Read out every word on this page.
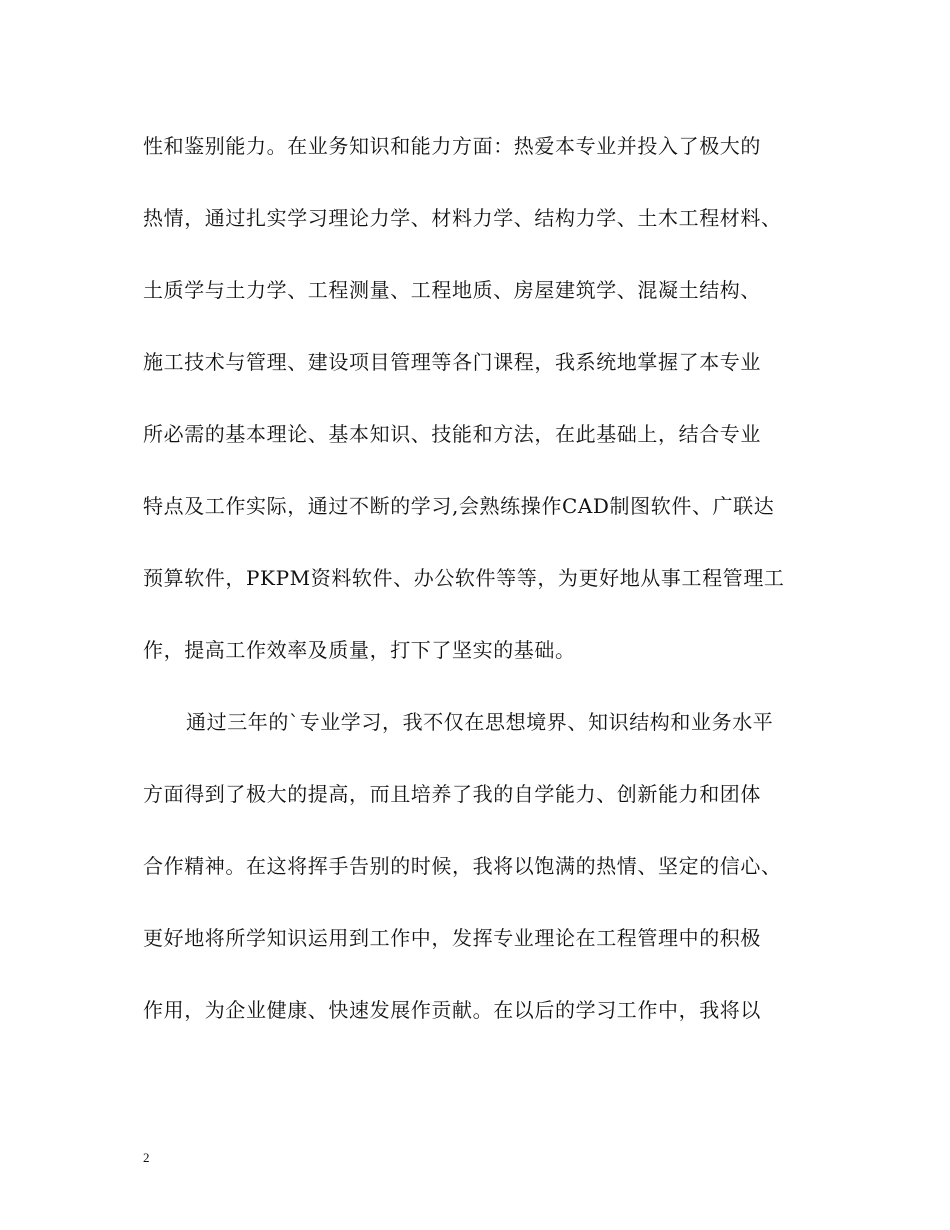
性和鉴别能力。在业务知识和能力方面：热爱本专业并投入了极大的
热情，通过扎实学习理论力学、材料力学、结构力学、土木工程材料、
土质学与土力学、工程测量、工程地质、房屋建筑学、混凝土结构、
施工技术与管理、建设项目管理等各门课程，我系统地掌握了本专业
所必需的基本理论、基本知识、技能和方法，在此基础上，结合专业
特点及工作实际，通过不断的学习,会熟练操作CAD制图软件、广联达
预算软件，PKPM资料软件、办公软件等等，为更好地从事工程管理工
作，提高工作效率及质量，打下了坚实的基础。
通过三年的`专业学习，我不仅在思想境界、知识结构和业务水平
方面得到了极大的提高，而且培养了我的自学能力、创新能力和团体
合作精神。在这将挥手告别的时候，我将以饱满的热情、坚定的信心、
更好地将所学知识运用到工作中，发挥专业理论在工程管理中的积极
作用，为企业健康、快速发展作贡献。在以后的学习工作中，我将以
2
